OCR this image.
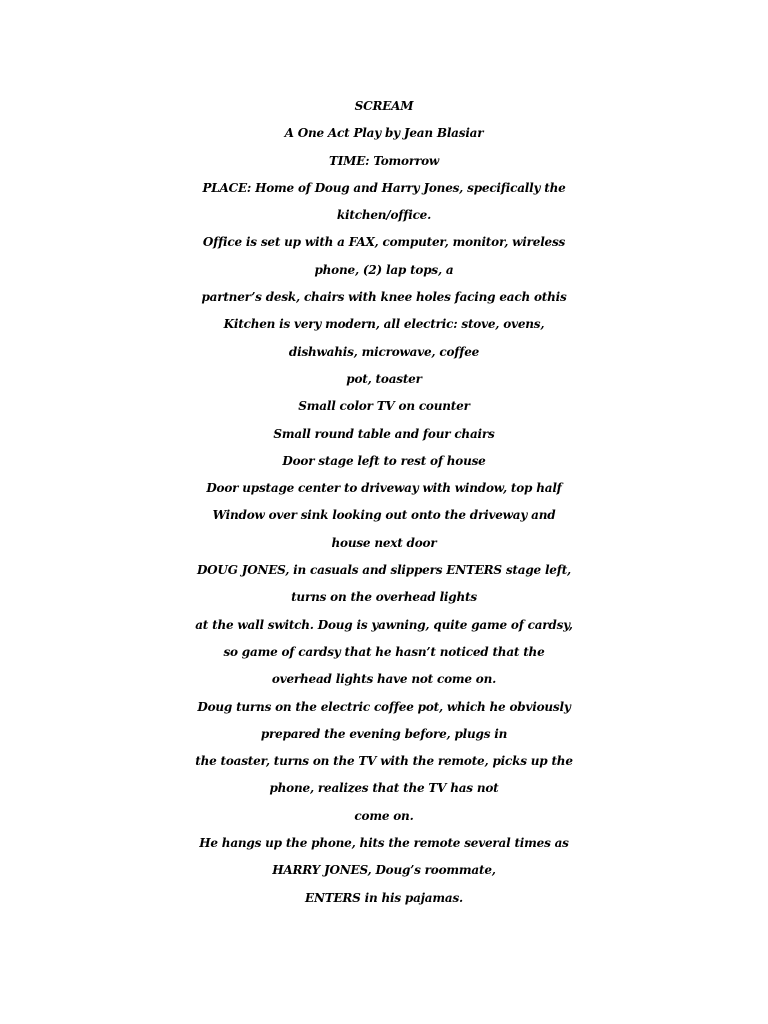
SCREAM
A One Act Play by Jean Blasiar
TIME: Tomorrow
PLACE: Home of Doug and Harry Jones, specifically the
kitchen/office.
Office is set up with a FAX, computer, monitor, wireless
phone, (2) lap tops, a
partner’s desk, chairs with knee holes facing each othis
Kitchen is very modern, all electric: stove, ovens,
dishwahis, microwave, coffee
pot, toaster
Small color TV on counter
Small round table and four chairs
Door stage left to rest of house
Door upstage center to driveway with window, top half
Window over sink looking out onto the driveway and
house next door
DOUG JONES, in casuals and slippers ENTERS stage left,
turns on the overhead lights
at the wall switch. Doug is yawning, quite game of cardsy,
so game of cardsy that he hasn’t noticed that the
overhead lights have not come on.
Doug turns on the electric coffee pot, which he obviously
prepared the evening before, plugs in
the toaster, turns on the TV with the remote, picks up the
phone, realizes that the TV has not
come on.
He hangs up the phone, hits the remote several times as
HARRY JONES, Doug’s roommate,
ENTERS in his pajamas.
